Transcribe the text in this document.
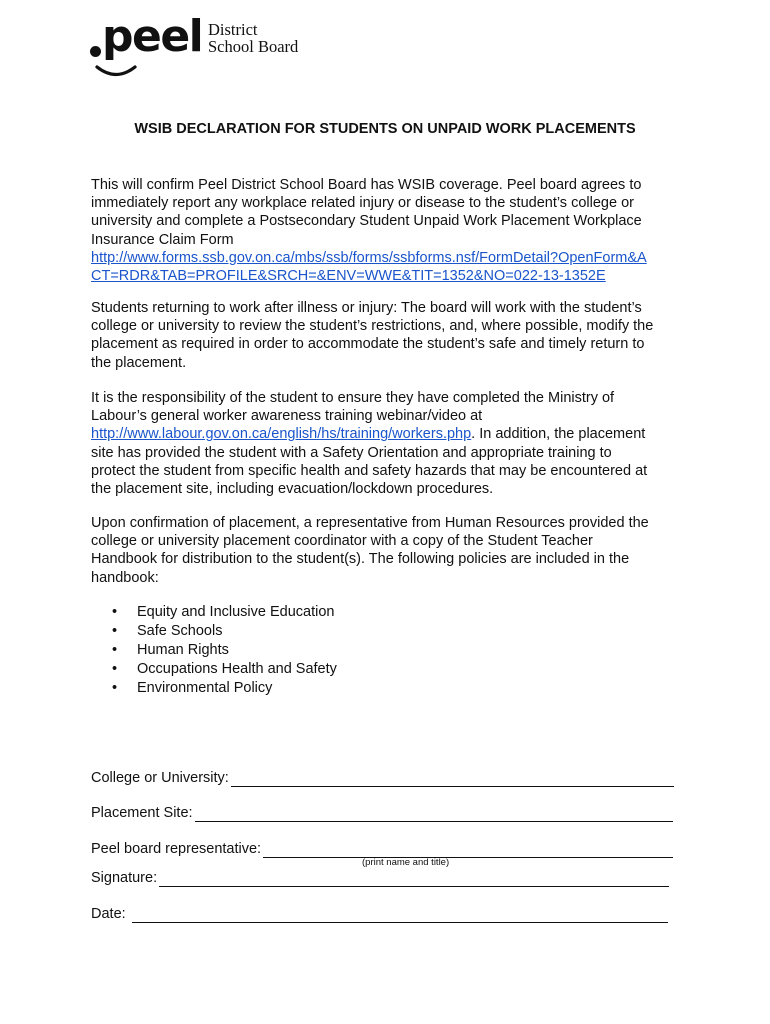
peel District
School Board
WSIB DECLARATION FOR STUDENTS ON UNPAID WORK PLACEMENTS
This will confirm Peel District School Board has WSIB coverage. Peel board agrees to
immediately report any workplace related injury or disease to the student’s college or
university and complete a Postsecondary Student Unpaid Work Placement Workplace
Insurance Claim Form
http://www.forms.ssb.gov.on.ca/mbs/ssb/forms/ssbforms.nsf/FormDetail?OpenForm&A
CT=RDR&TAB=PROFILE&SRCH=&ENV=WWE&TIT=1352&NO=022-13-1352E
Students returning to work after illness or injury: The board will work with the student’s
college or university to review the student’s restrictions, and, where possible, modify the
placement as required in order to accommodate the student’s safe and timely return to
the placement.
It is the responsibility of the student to ensure they have completed the Ministry of
Labour’s general worker awareness training webinar/video at
http://www.labour.gov.on.ca/english/hs/training/workers.php. In addition, the placement
site has provided the student with a Safety Orientation and appropriate training to
protect the student from specific health and safety hazards that may be encountered at
the placement site, including evacuation/lockdown procedures.
Upon confirmation of placement, a representative from Human Resources provided the
college or university placement coordinator with a copy of the Student Teacher
Handbook for distribution to the student(s). The following policies are included in the
handbook:
• Equity and Inclusive Education
• Safe Schools
• Human Rights
• Occupations Health and Safety
• Environmental Policy
College or University:
Placement Site:
Peel board representative:
(print name and title)
Signature:
Date:
